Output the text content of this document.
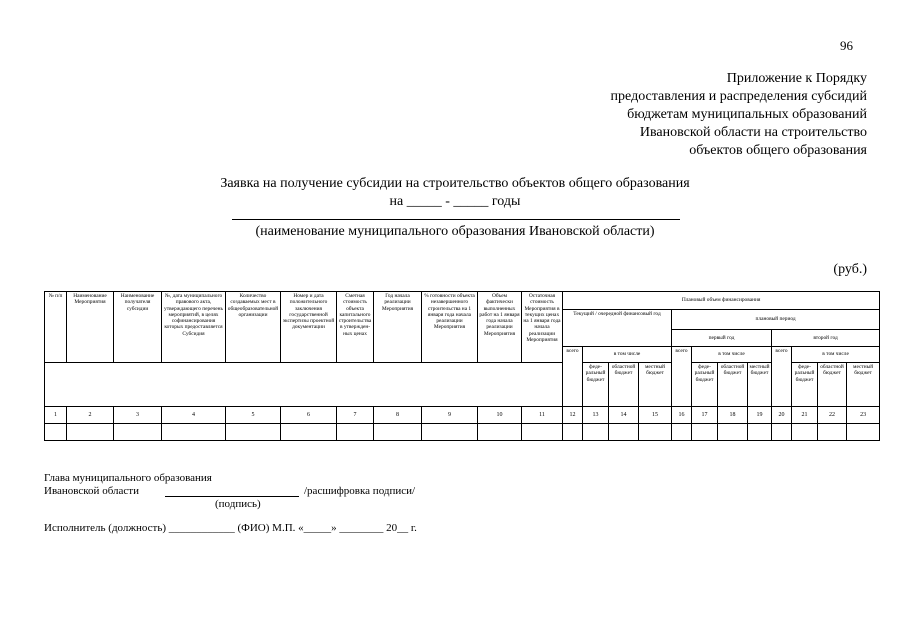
96
Приложение к Порядку
предоставления и распределения субсидий
бюджетам муниципальных образований
Ивановской области на строительство
объектов общего образования
Заявка на получение субсидии на строительство объектов общего образования
на _____ - _____ годы
(наименование муниципального образования Ивановской области)
(руб.)
№ п/п	Наименование Мероприятия	Наименование получателя субсидии	№, дата муниципального правового акта, утверждающего перечень мероприятий, в целях софинансирования которых предоставляется Субсидия	Количество создаваемых мест в общеобразовательной организации	Номер и дата положительного заключения государственной экспертизы проектной документации	Сметная стоимость объекта капитального строительства в утвержденных ценах	Год начала реализации Мероприятия	% готовности объекта незавершенного строительства на 1 января года начала реализации Мероприятия	Объем фактически выполненных работ на 1 января года начала реализации Мероприятия	Остаточная стоимость Мероприятия в текущих ценах на 1 января года начала реализации Мероприятия	Плановый объем финансирования											
											Текущий / очередной финансовый год				плановый период							
															первый год				второй год			
											всего	в том числе			всего	в том числе			всего	в том числе		
												федеральный бюджет	областной бюджет	местный бюджет		федеральный бюджет	областной бюджет	местный бюджет		федеральный бюджет	областной бюджет	местный бюджет
1	2	3	4	5	6	7	8	9	10	11	12	13	14	15	16	17	18	19	20	21	22	23

Глава муниципального образования
Ивановской области	/расшифровка подписи/
(подпись)
Исполнитель (должность) ____________ (ФИО) М.П. «_____» ________ 20__ г.
